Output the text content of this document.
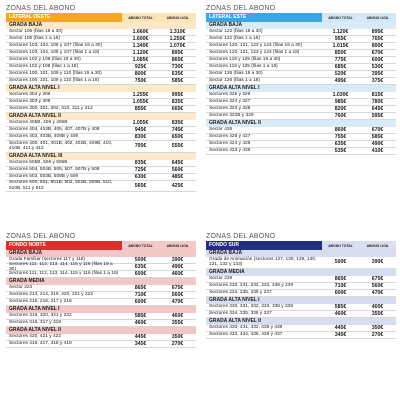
ZONAS DEL ABONO
LATERAL OESTE	ABONO TOTAL	ABONO LIGA
GRADA BAJA
Sector 105 (filas 19 a 30)	1.660€	1.310€
Sector 105 (filas 1 a 18)	1.600€	1.250€
Sectores 103, 104, 106 y 107 (filas 19 a 30)	1.340€	1.070€
Sectores 103, 104, 106 y 107 (filas 1 a 18)	1.120€	895€
Sectores 102 y 108 (filas 19 a 30)	1.085€	865€
Sectores 102 y 108 (filas 1 a 18)	925€	730€
Sectores 100, 101, 109 y 110 (filas 19 a 30)	800€	635€
Sectores 100, 101, 109 y 110 (filas 1 a 18)	750€	585€
GRADA ALTA NIVEL I
Sectores 304 y 306	1.255€	995€
Sectores 303 y 309	1.055€	835€
Sectores 300, 301, 302, 310, 311 y 312	855€	665€
GRADA ALTA NIVEL II
Sectores 405B, 406 y 406B	1.055€	835€
Sectores 404, 404B, 405, 407, 407B y 408	945€	745€
Sectores 403, 403B, 408B y 409	830€	650€
Sectores 400, 401, 401B, 402, 402B, 409B, 410, 410B, 411 y 412	705€	555€
GRADA ALTA NIVEL III
Sectores 505B, 506 y 506B	835€	645€
Sectores 504, 504B, 505, 507, 507B y 508	725€	560€
Sectores 503, 503B, 508B y 509	630€	485€
Sectores 500, 501, 501B, 502, 502B, 509B, 510, 510B, 511 y 512	565€	425€
ZONAS DEL ABONO
LATERAL ESTE	ABONO TOTAL	ABONO LIGA
GRADA BAJA
Sector 122 (filas 19 a 30)	1.120€	895€
Sector 122 (filas 1 a 18)	955€	765€
Sectores 120, 121, 123 y 124 (filas 19 a 30)	1.015€	800€
Sectores 120, 121, 123 y 124 (filas 1 a 18)	850€	670€
Sectores 119 y 125 (filas 19 a 30)	775€	600€
Sectores 119 y 125 (filas 1 a 18)	685€	530€
Sector 126 (filas 19 a 30)	520€	395€
Sector 126 (filas 1 a 18)	495€	375€
GRADA ALTA NIVEL I
Sectores 325 y 326	1.030€	815€
Sectores 324 y 327	985€	780€
Sectores 323 y 328	820€	645€
Sectores 322B y 329	760€	595€
GRADA ALTA NIVEL II
Sector 426	860€	670€
Sectores 425 y 427	755€	585€
Sectores 424 y 428	635€	490€
Sectores 423 y 429	535€	410€
ZONAS DEL ABONO
FONDO NORTE	ABONO TOTAL	ABONO LIGA
GRADA BAJA
Grada Familiar (sectores 117 y 118)	500€	390€
Sectores 111, 112, 113, 114, 115 y 116 (filas 19 a 30)	635€	490€
Sectores 111, 112, 113, 114, 115 y 116 (filas 1 a 18)	600€	460€
GRADA MEDIA
Sector 223	865€	675€
Sectores 213, 214, 219, 220, 221 y 222	710€	560€
Sectores 215, 216, 217 y 218	600€	470€
GRADA ALTA NIVEL I
Sectores 319, 320, 321 y 322	585€	460€
Sectores 316, 317 y 318	460€	355€
GRADA ALTA NIVEL II
Sectores 420, 421 y 422	445€	350€
Sectores 416, 417, 418 y 419	345€	270€
ZONAS DEL ABONO
FONDO SUR	ABONO TOTAL	ABONO LIGA
GRADA BAJA
Grada de Animación (sectores 127, 128, 129, 130, 131, 132 y 133)	500€	390€
GRADA MEDIA
Sector 229	865€	675€
Sectores 230, 231, 232, 233, 238 y 239	710€	560€
Sectores 234, 235, 236 y 237	600€	470€
GRADA ALTA NIVEL I
Sectores 330, 331, 332, 333, 338 y 339	585€	460€
Sectores 334, 335, 336 y 337	460€	355€
GRADA ALTA NIVEL II
Sectores 430, 431, 432, 438 y 439	445€	350€
Sectores 433, 434, 435, 436 y 437	345€	270€
